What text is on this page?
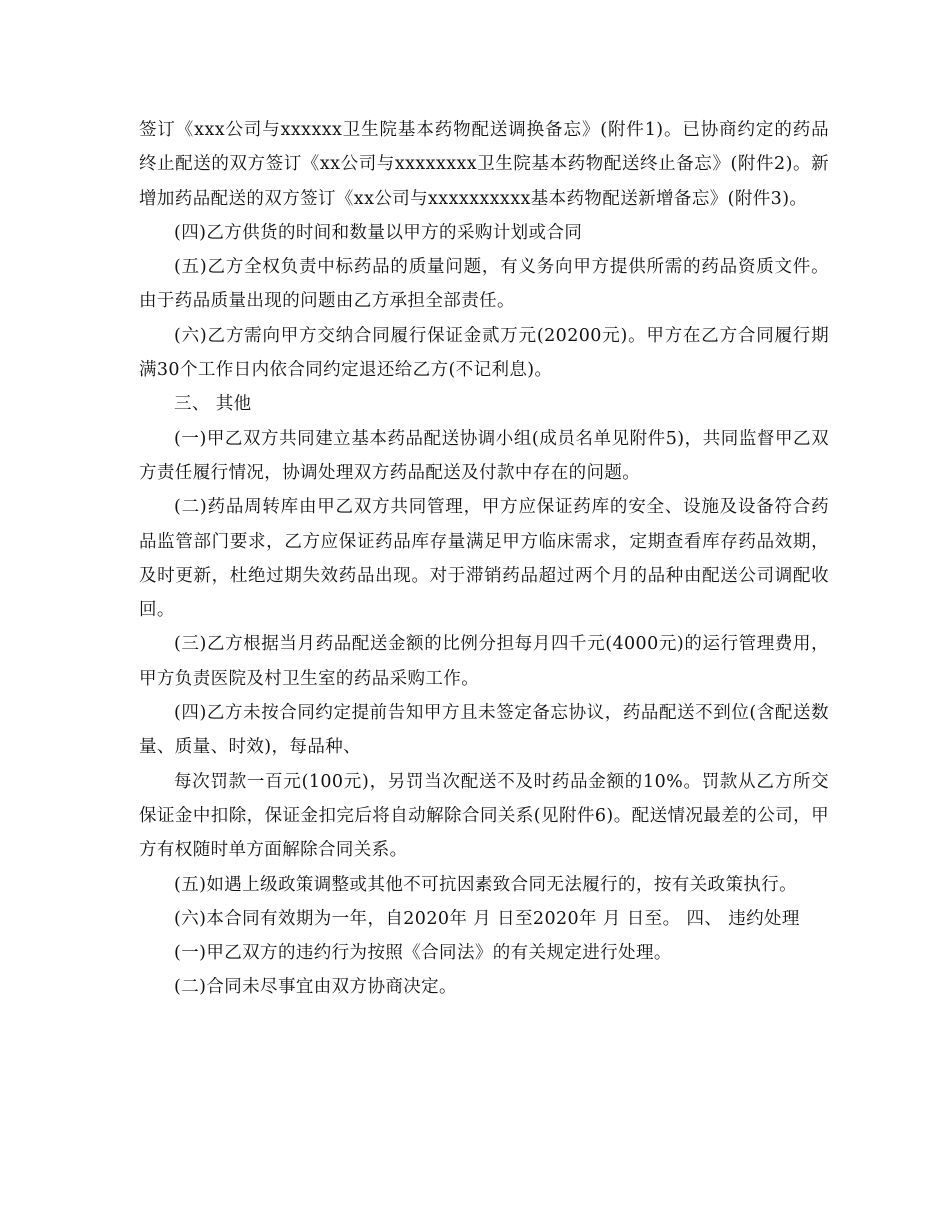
签订《xxx公司与xxxxxx卫生院基本药物配送调换备忘》(附件1)。已协商约定的药品终止配送的双方签订《xx公司与xxxxxxxx卫生院基本药物配送终止备忘》(附件2)。新增加药品配送的双方签订《xx公司与xxxxxxxxxx基本药物配送新增备忘》(附件3)。

(四)乙方供货的时间和数量以甲方的采购计划或合同

(五)乙方全权负责中标药品的质量问题，有义务向甲方提供所需的药品资质文件。由于药品质量出现的问题由乙方承担全部责任。

(六)乙方需向甲方交纳合同履行保证金贰万元(20200元)。甲方在乙方合同履行期满30个工作日内依合同约定退还给乙方(不记利息)。

三、 其他

(一)甲乙双方共同建立基本药品配送协调小组(成员名单见附件5)，共同监督甲乙双方责任履行情况，协调处理双方药品配送及付款中存在的问题。

(二)药品周转库由甲乙双方共同管理，甲方应保证药库的安全、设施及设备符合药品监管部门要求，乙方应保证药品库存量满足甲方临床需求，定期查看库存药品效期，及时更新，杜绝过期失效药品出现。对于滞销药品超过两个月的品种由配送公司调配收回。

(三)乙方根据当月药品配送金额的比例分担每月四千元(4000元)的运行管理费用，甲方负责医院及村卫生室的药品采购工作。

(四)乙方未按合同约定提前告知甲方且未签定备忘协议，药品配送不到位(含配送数量、质量、时效)，每品种、

每次罚款一百元(100元)，另罚当次配送不及时药品金额的10%。罚款从乙方所交保证金中扣除，保证金扣完后将自动解除合同关系(见附件6)。配送情况最差的公司，甲方有权随时单方面解除合同关系。

(五)如遇上级政策调整或其他不可抗因素致合同无法履行的，按有关政策执行。

(六)本合同有效期为一年，自2020年 月 日至2020年 月 日至。 四、 违约处理

(一)甲乙双方的违约行为按照《合同法》的有关规定进行处理。

(二)合同未尽事宜由双方协商决定。
